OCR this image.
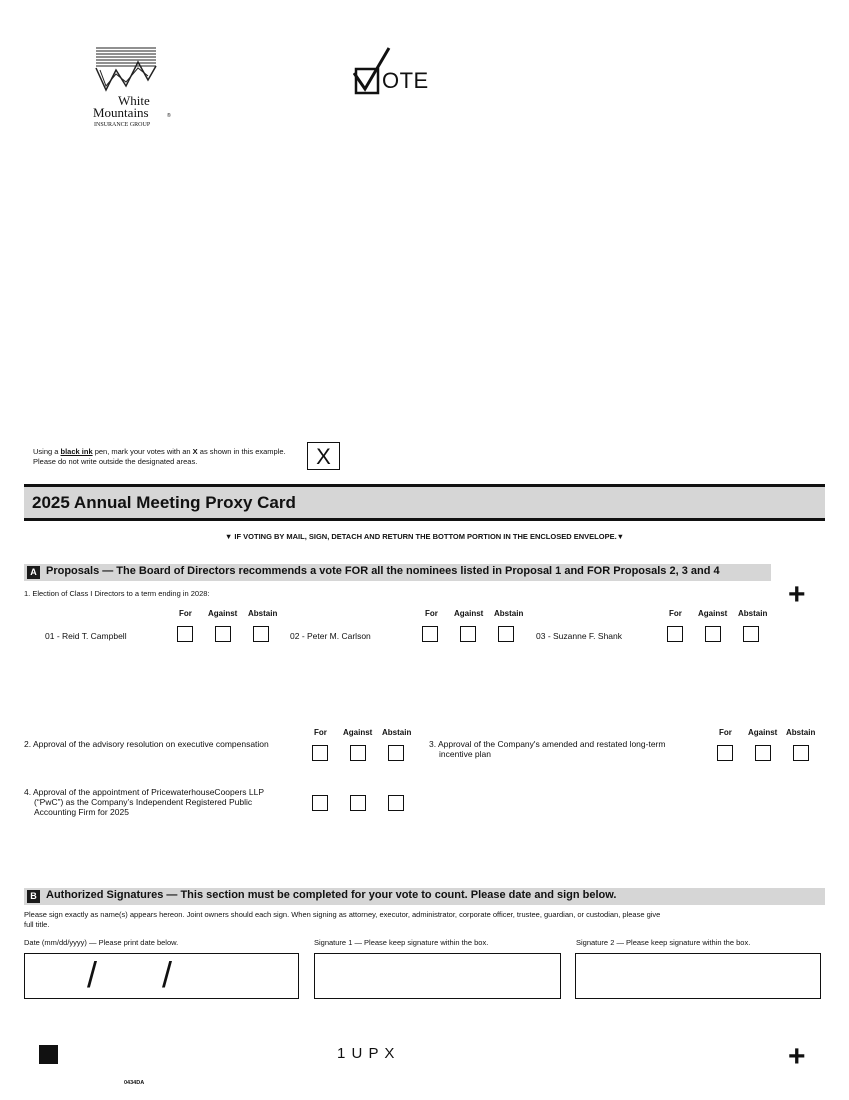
White
Mountains	®
INSURANCE GROUP
OTE
Using a black ink pen, mark your votes with an X as shown in this example.
Please do not write outside the designated areas.	X
2025 Annual Meeting Proxy Card
▼ IF VOTING BY MAIL, SIGN, DETACH AND RETURN THE BOTTOM PORTION IN THE ENCLOSED ENVELOPE.▼
A Proposals — The Board of Directors recommends a vote FOR all the nominees listed in Proposal 1 and FOR Proposals 2, 3 and 4
+
1. Election of Class I Directors to a term ending in 2028:
For Against Abstain	For Against Abstain	For Against Abstain
01 - Reid T. Campbell	02 - Peter M. Carlson	03 - Suzanne F. Shank
2. Approval of the advisory resolution on executive compensation
For Against Abstain
3. Approval of the Company's amended and restated long-term
incentive plan
For Against Abstain
4. Approval of the appointment of PricewaterhouseCoopers LLP
(“PwC”) as the Company’s Independent Registered Public
Accounting Firm for 2025
B Authorized Signatures — This section must be completed for your vote to count. Please date and sign below.
Please sign exactly as name(s) appears hereon. Joint owners should each sign. When signing as attorney, executor, administrator, corporate officer, trustee, guardian, or custodian, please give
full title.
Date (mm/dd/yyyy) — Please print date below.	Signature 1 — Please keep signature within the box.	Signature 2 — Please keep signature within the box.
/ /
1 U P X	+
0434DA
